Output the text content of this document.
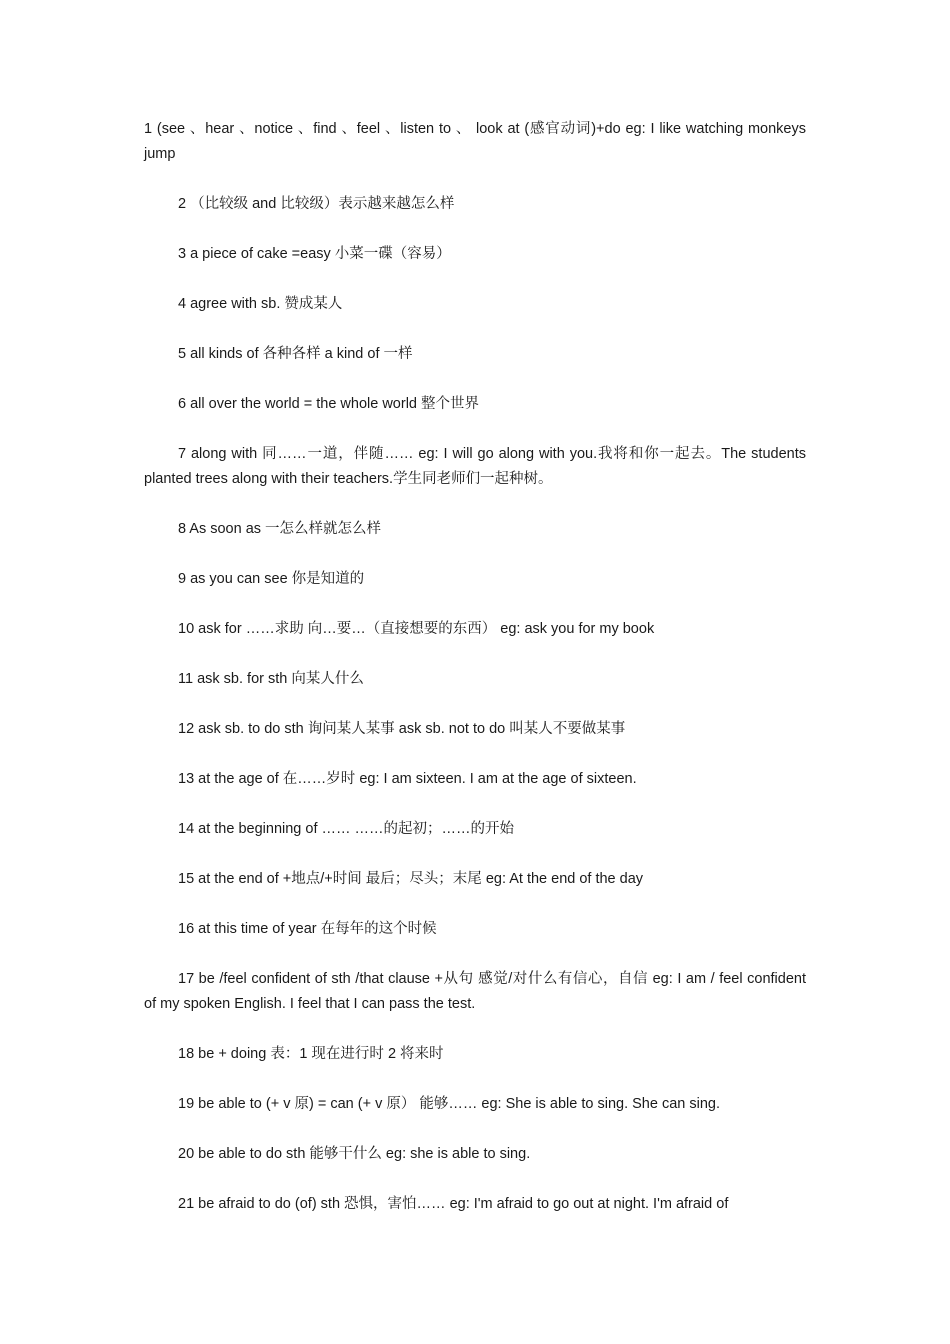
1 (see 、hear 、notice 、find 、feel 、listen to 、 look at (感官动词)+do eg: I like watching monkeys jump

2 （比较级 and 比较级）表示越来越怎么样

3 a piece of cake =easy 小菜一碟（容易）

4 agree with sb. 赞成某人

5 all kinds of 各种各样 a kind of 一样

6 all over the world = the whole world 整个世界

7 along with 同……一道，伴随…… eg: I will go along with you.我将和你一起去。The students planted trees along with their teachers.学生同老师们一起种树。

8 As soon as 一怎么样就怎么样

9 as you can see 你是知道的

10 ask for ……求助 向…要…（直接想要的东西） eg: ask you for my book

11 ask sb. for sth 向某人什么

12 ask sb. to do sth 询问某人某事 ask sb. not to do 叫某人不要做某事

13 at the age of 在……岁时 eg: I am sixteen. I am at the age of sixteen.

14 at the beginning of …… ……的起初；……的开始

15 at the end of +地点/+时间 最后；尽头；末尾 eg: At the end of the day

16 at this time of year 在每年的这个时候

17 be /feel confident of sth /that clause +从句 感觉/对什么有信心，自信 eg: I am / feel confident of my spoken English. I feel that I can pass the test.

18 be + doing 表：1 现在进行时 2 将来时

19 be able to (+ v 原) = can (+ v 原） 能够…… eg: She is able to sing. She can sing.

20 be able to do sth 能够干什么 eg: she is able to sing.

21 be afraid to do (of) sth 恐惧，害怕…… eg: I'm afraid to go out at night. I'm afraid of
